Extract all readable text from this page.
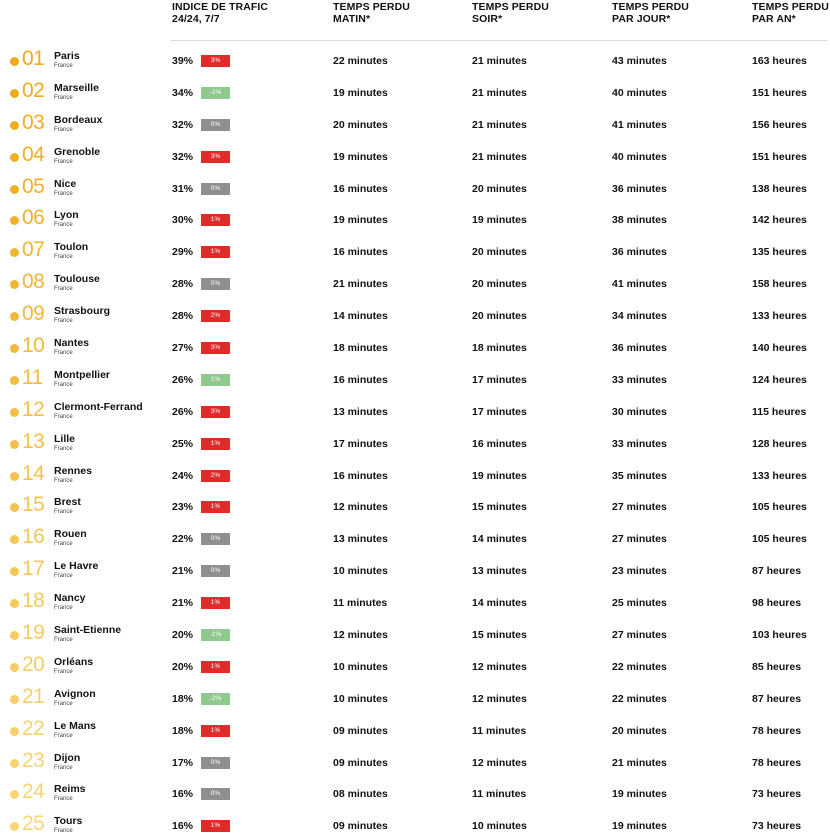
INDICE DE TRAFIC
24/24, 7/7
TEMPS PERDU
MATIN*
TEMPS PERDU
SOIR*
TEMPS PERDU
PAR JOUR*
TEMPS PERDU
PAR AN*
01 Paris
France	39%	3%	22 minutes	21 minutes	43 minutes	163 heures
02 Marseille
France	34%	-1%	19 minutes	21 minutes	40 minutes	151 heures
03 Bordeaux
France	32%	0%	20 minutes	21 minutes	41 minutes	156 heures
04 Grenoble
France	32%	3%	19 minutes	21 minutes	40 minutes	151 heures
05 Nice
France	31%	0%	16 minutes	20 minutes	36 minutes	138 heures
06 Lyon
France	30%	1%	19 minutes	19 minutes	38 minutes	142 heures
07 Toulon
France	29%	1%	16 minutes	20 minutes	36 minutes	135 heures
08 Toulouse
France	28%	0%	21 minutes	20 minutes	41 minutes	158 heures
09 Strasbourg
France	28%	2%	14 minutes	20 minutes	34 minutes	133 heures
10 Nantes
France	27%	3%	18 minutes	18 minutes	36 minutes	140 heures
11 Montpellier
France	26%	1%	16 minutes	17 minutes	33 minutes	124 heures
12 Clermont-Ferrand
France	26%	3%	13 minutes	17 minutes	30 minutes	115 heures
13 Lille
France	25%	1%	17 minutes	16 minutes	33 minutes	128 heures
14 Rennes
France	24%	2%	16 minutes	19 minutes	35 minutes	133 heures
15 Brest
France	23%	1%	12 minutes	15 minutes	27 minutes	105 heures
16 Rouen
France	22%	0%	13 minutes	14 minutes	27 minutes	105 heures
17 Le Havre
France	21%	0%	10 minutes	13 minutes	23 minutes	87 heures
18 Nancy
France	21%	1%	11 minutes	14 minutes	25 minutes	98 heures
19 Saint-Etienne
France	20%	-1%	12 minutes	15 minutes	27 minutes	103 heures
20 Orléans
France	20%	1%	10 minutes	12 minutes	22 minutes	85 heures
21 Avignon
France	18%	-2%	10 minutes	12 minutes	22 minutes	87 heures
22 Le Mans
France	18%	1%	09 minutes	11 minutes	20 minutes	78 heures
23 Dijon
France	17%	0%	09 minutes	12 minutes	21 minutes	78 heures
24 Reims
France	16%	0%	08 minutes	11 minutes	19 minutes	73 heures
25 Tours
France	16%	1%	09 minutes	10 minutes	19 minutes	73 heures
